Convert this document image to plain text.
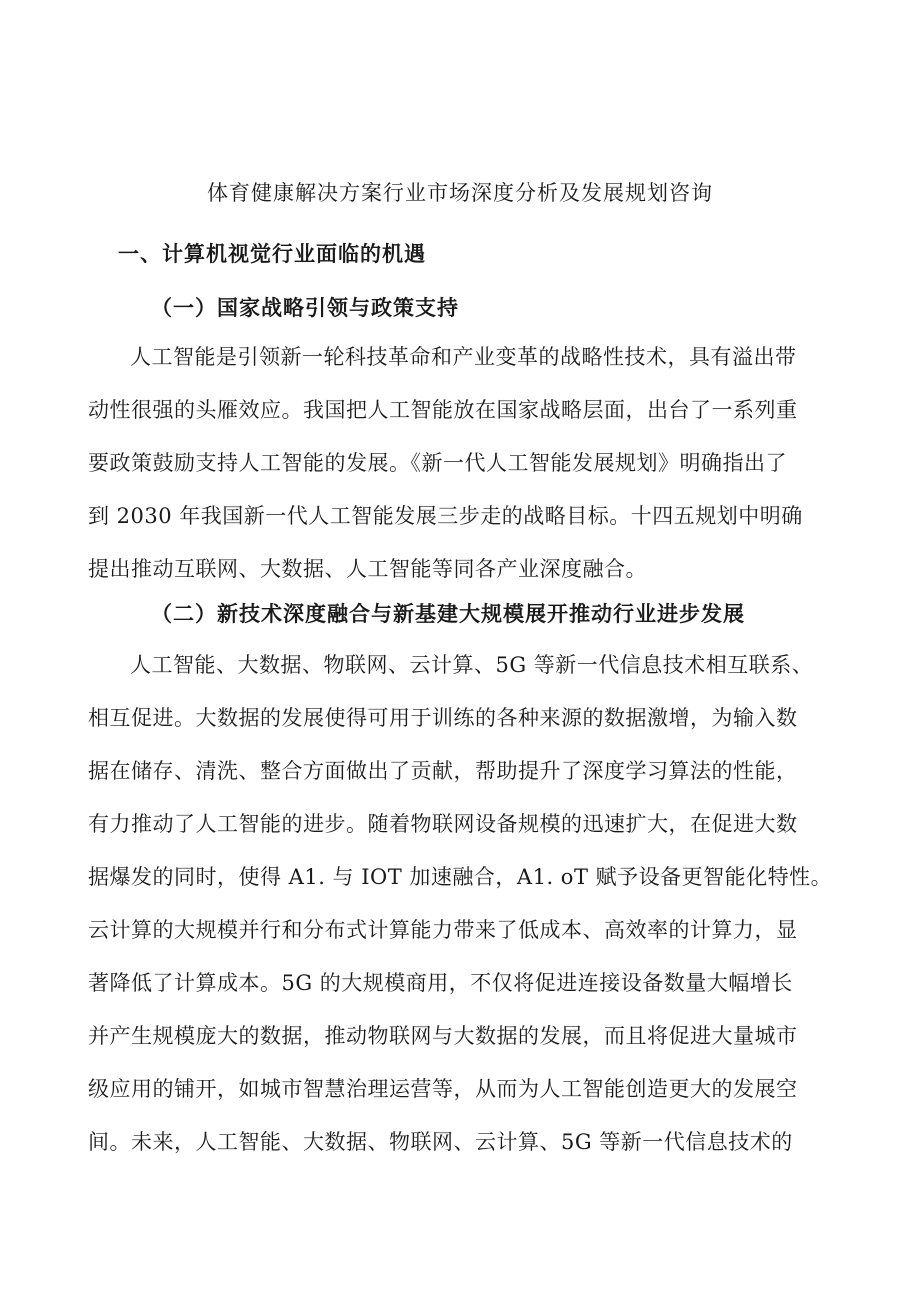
体育健康解决方案行业市场深度分析及发展规划咨询
一、计算机视觉行业面临的机遇
（一）国家战略引领与政策支持
人工智能是引领新一轮科技革命和产业变革的战略性技术，具有溢出带
动性很强的头雁效应。我国把人工智能放在国家战略层面，出台了一系列重
要政策鼓励支持人工智能的发展。《新一代人工智能发展规划》明确指出了
到 2030 年我国新一代人工智能发展三步走的战略目标。十四五规划中明确
提出推动互联网、大数据、人工智能等同各产业深度融合。
（二）新技术深度融合与新基建大规模展开推动行业进步发展
人工智能、大数据、物联网、云计算、5G 等新一代信息技术相互联系、
相互促进。大数据的发展使得可用于训练的各种来源的数据激增，为输入数
据在储存、清洗、整合方面做出了贡献，帮助提升了深度学习算法的性能，
有力推动了人工智能的进步。随着物联网设备规模的迅速扩大，在促进大数
据爆发的同时，使得 A1. 与 IOT 加速融合，A1. oT 赋予设备更智能化特性。
云计算的大规模并行和分布式计算能力带来了低成本、高效率的计算力，显
著降低了计算成本。5G 的大规模商用，不仅将促进连接设备数量大幅增长
并产生规模庞大的数据，推动物联网与大数据的发展，而且将促进大量城市
级应用的铺开，如城市智慧治理运营等，从而为人工智能创造更大的发展空
间。未来，人工智能、大数据、物联网、云计算、5G 等新一代信息技术的
